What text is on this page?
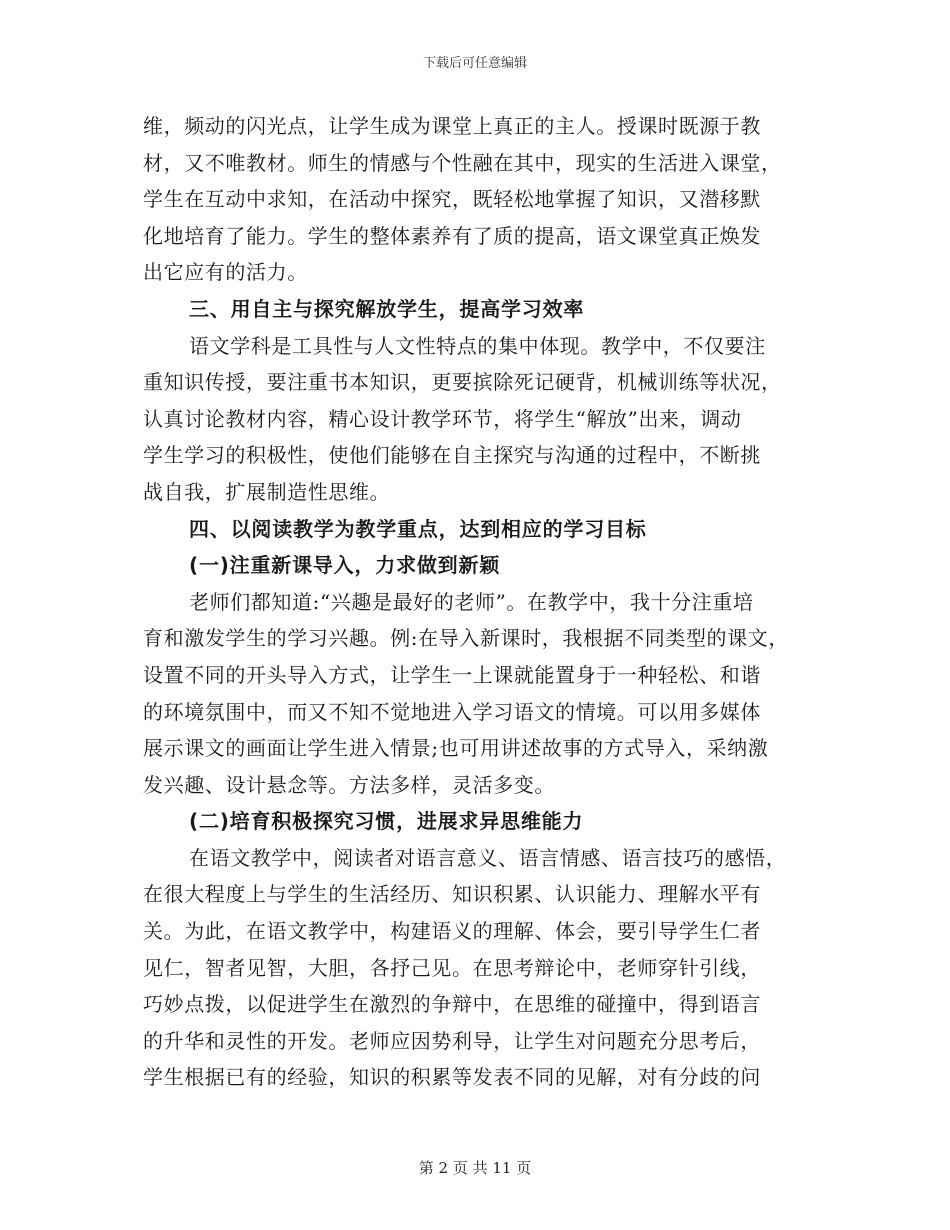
下载后可任意编辑
维，频动的闪光点，让学生成为课堂上真正的主人。授课时既源于教
材，又不唯教材。师生的情感与个性融在其中，现实的生活进入课堂，
学生在互动中求知，在活动中探究，既轻松地掌握了知识，又潜移默
化地培育了能力。学生的整体素养有了质的提高，语文课堂真正焕发
出它应有的活力。
三、用自主与探究解放学生，提高学习效率
语文学科是工具性与人文性特点的集中体现。教学中，不仅要注
重知识传授，要注重书本知识，更要摈除死记硬背，机械训练等状况，
认真讨论教材内容，精心设计教学环节，将学生“解放”出来，调动
学生学习的积极性，使他们能够在自主探究与沟通的过程中，不断挑
战自我，扩展制造性思维。
四、以阅读教学为教学重点，达到相应的学习目标
(一)注重新课导入，力求做到新颖
老师们都知道:“兴趣是最好的老师”。在教学中，我十分注重培
育和激发学生的学习兴趣。例:在导入新课时，我根据不同类型的课文，
设置不同的开头导入方式，让学生一上课就能置身于一种轻松、和谐
的环境氛围中，而又不知不觉地进入学习语文的情境。可以用多媒体
展示课文的画面让学生进入情景;也可用讲述故事的方式导入，采纳激
发兴趣、设计悬念等。方法多样，灵活多变。
(二)培育积极探究习惯，进展求异思维能力
在语文教学中，阅读者对语言意义、语言情感、语言技巧的感悟，
在很大程度上与学生的生活经历、知识积累、认识能力、理解水平有
关。为此，在语文教学中，构建语义的理解、体会，要引导学生仁者
见仁，智者见智，大胆，各抒己见。在思考辩论中，老师穿针引线，
巧妙点拨，以促进学生在激烈的争辩中，在思维的碰撞中，得到语言
的升华和灵性的开发。老师应因势利导，让学生对问题充分思考后，
学生根据已有的经验，知识的积累等发表不同的见解，对有分歧的问
第 2 页 共 11 页
